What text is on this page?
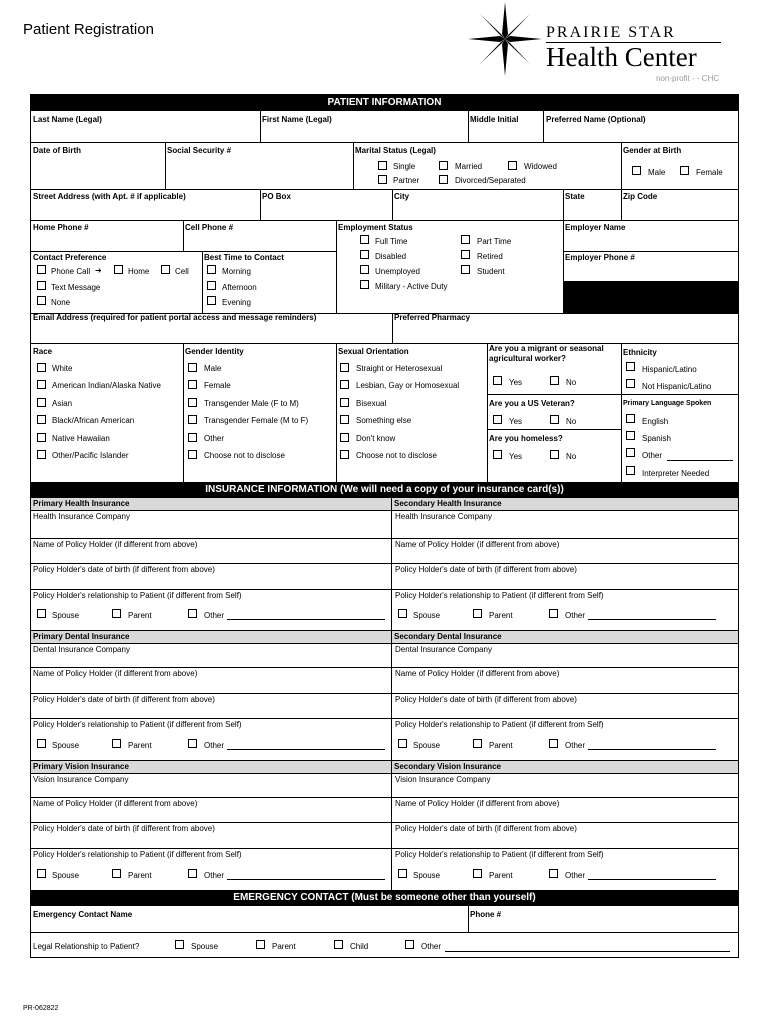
Patient Registration	PRAIRIE STAR
Health Center
non-profit - - CHC
PATIENT INFORMATION
Last Name (Legal)	First Name (Legal)	Middle Initial	Preferred Name (Optional)
Date of Birth	Social Security #	Marital Status (Legal)
Single	Married	Widowed
Partner	Divorced/Separated
Gender at Birth
Male	Female
Street Address (with Apt. # if applicable)	PO Box	City	State	Zip Code
Home Phone #	Cell Phone #	Employment Status
Full Time	Part Time
Disabled	Retired
Unemployed	Student
Military - Active Duty
Employer Name
Employer Phone #
Contact Preference
Phone Call ➔	Home	Cell
Text Message
None
Best Time to Contact
Morning
Afternoon
Evening
Email Address (required for patient portal access and message reminders)	Preferred Pharmacy
Race
White
American Indian/Alaska Native
Asian
Black/African American
Native Hawaiian
Other/Pacific Islander
Gender Identity
Male
Female
Transgender Male (F to M)
Transgender Female (M to F)
Other
Choose not to disclose
Sexual Orientation
Straight or Heterosexual
Lesbian, Gay or Homosexual
Bisexual
Something else
Don't know
Choose not to disclose
Are you a migrant or seasonal agricultural worker?
Yes	No
Are you a US Veteran?
Yes	No
Are you homeless?
Yes	No
Ethnicity
Hispanic/Latino
Not Hispanic/Latino
Primary Language Spoken
English
Spanish
Other
Interpreter Needed
INSURANCE INFORMATION (We will need a copy of your insurance card(s))
Primary Health Insurance	Secondary Health Insurance
Health Insurance Company	Health Insurance Company
Name of Policy Holder (if different from above)	Name of Policy Holder (if different from above)
Policy Holder's date of birth (if different from above)	Policy Holder's date of birth (if different from above)
Policy Holder's relationship to Patient (if different from Self)	Policy Holder's relationship to Patient (if different from Self)
Spouse	Parent	Other	Spouse	Parent	Other
Primary Dental Insurance	Secondary Dental Insurance
Dental Insurance Company	Dental Insurance Company
Name of Policy Holder (if different from above)	Name of Policy Holder (if different from above)
Policy Holder's date of birth (if different from above)	Policy Holder's date of birth (if different from above)
Policy Holder's relationship to Patient (if different from Self)	Policy Holder's relationship to Patient (if different from Self)
Spouse	Parent	Other	Spouse	Parent	Other
Primary Vision Insurance	Secondary Vision Insurance
Vision Insurance Company	Vision Insurance Company
Name of Policy Holder (if different from above)	Name of Policy Holder (if different from above)
Policy Holder's date of birth (if different from above)	Policy Holder's date of birth (if different from above)
Policy Holder's relationship to Patient (if different from Self)	Policy Holder's relationship to Patient (if different from Self)
Spouse	Parent	Other	Spouse	Parent	Other
EMERGENCY CONTACT (Must be someone other than yourself)
Emergency Contact Name	Phone #
Legal Relationship to Patient?	Spouse	Parent	Child	Other
PR-062822
